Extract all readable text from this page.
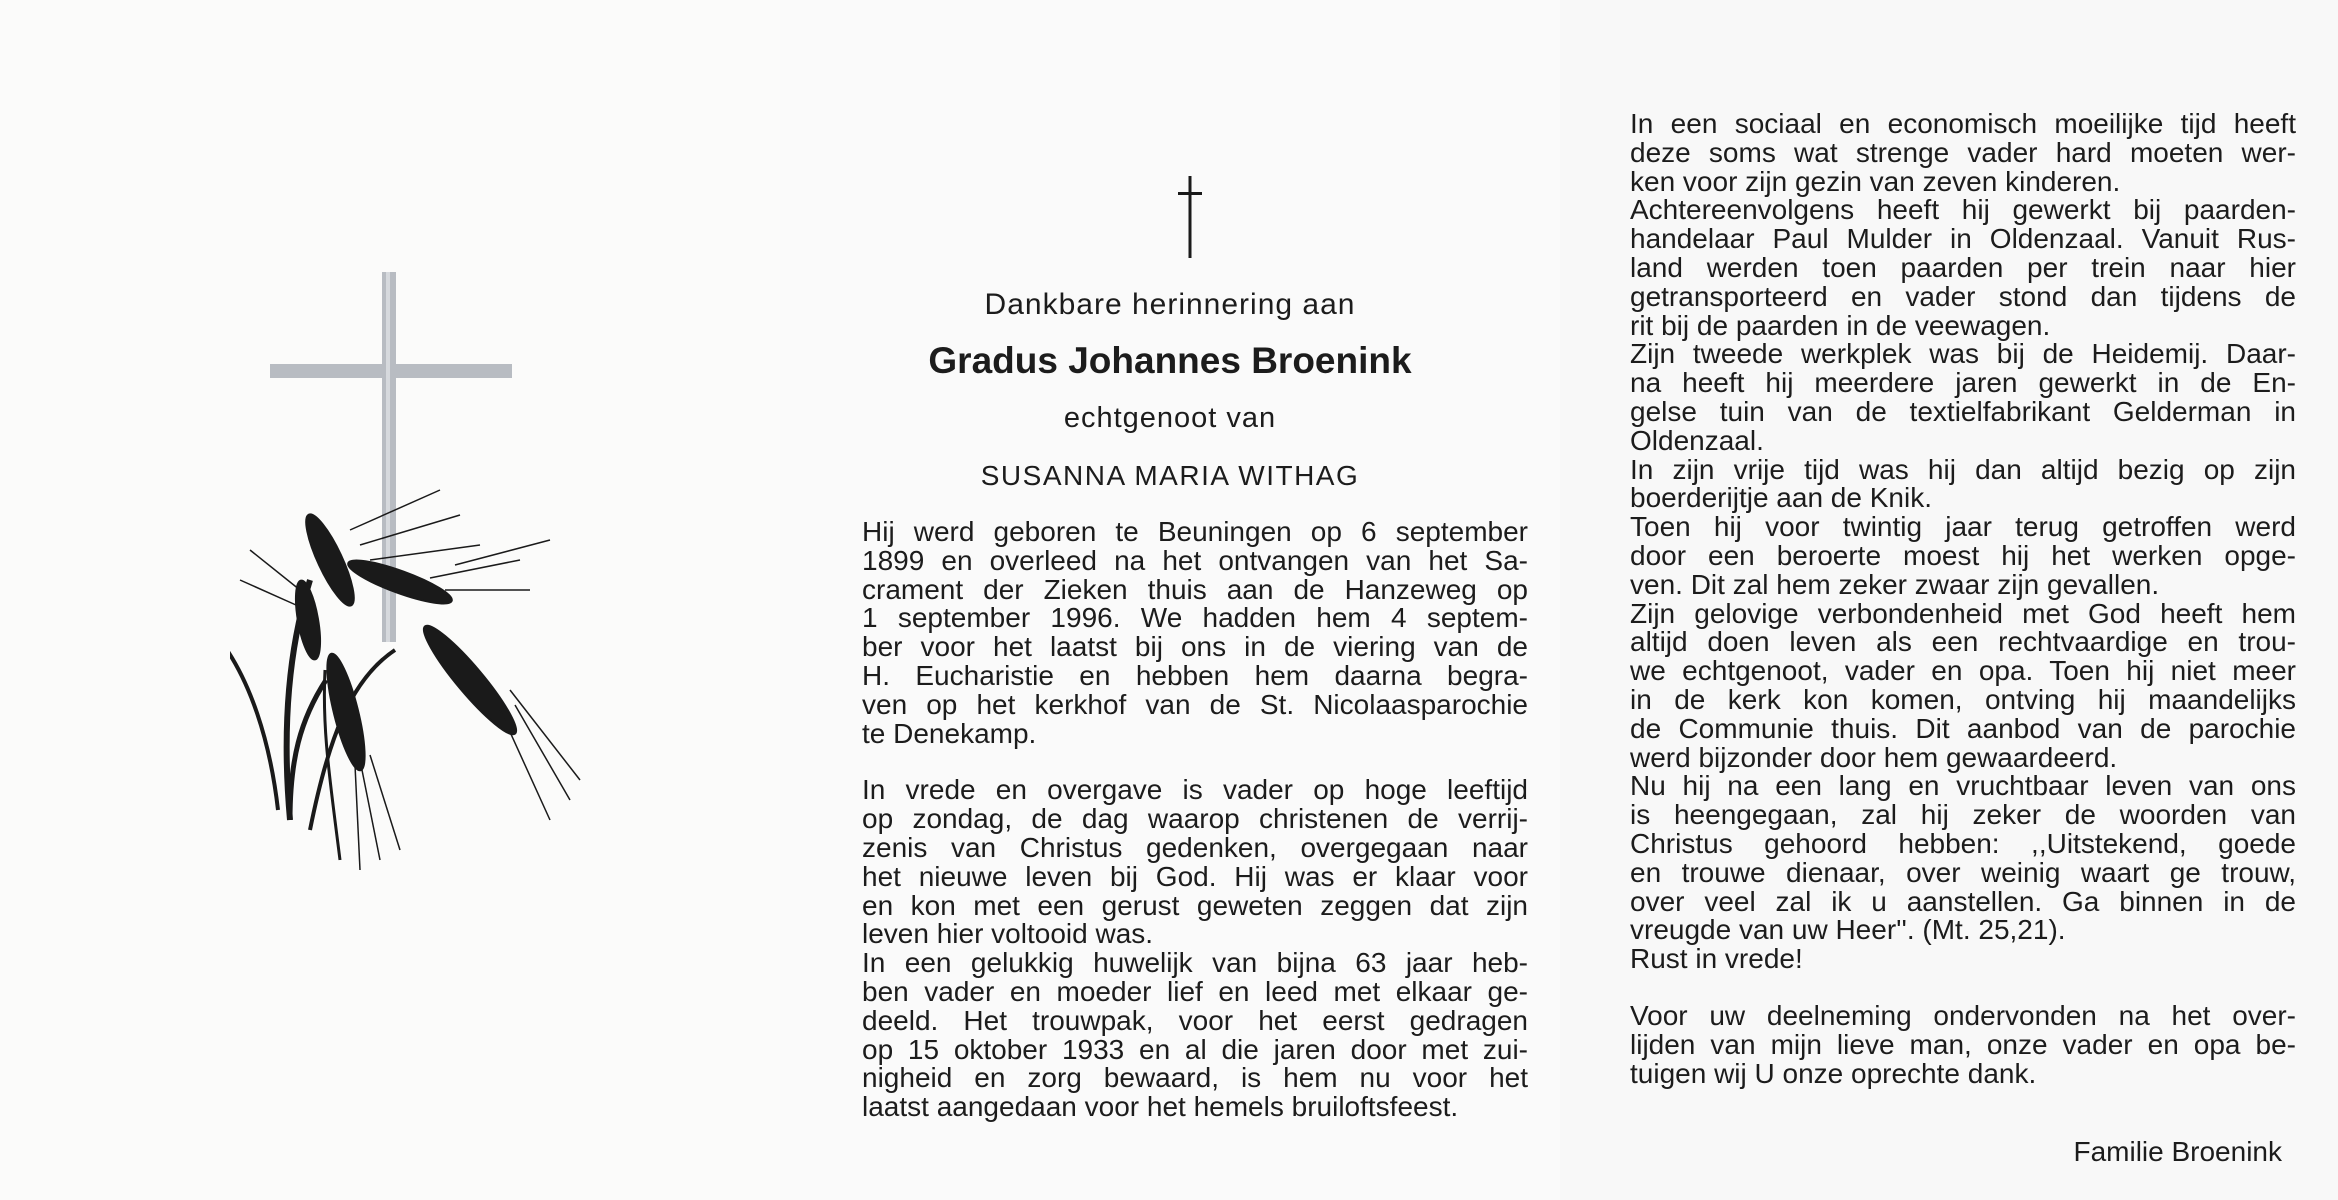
Dankbare herinnering aan
Gradus Johannes Broenink
echtgenoot van
SUSANNA MARIA WITHAG
Hij werd geboren te Beuningen op 6 september
1899 en overleed na het ontvangen van het Sa-
crament der Zieken thuis aan de Hanzeweg op
1 september 1996. We hadden hem 4 septem-
ber voor het laatst bij ons in de viering van de
H. Eucharistie en hebben hem daarna begra-
ven op het kerkhof van de St. Nicolaasparochie
te Denekamp.
In vrede en overgave is vader op hoge leeftijd
op zondag, de dag waarop christenen de verrij-
zenis van Christus gedenken, overgegaan naar
het nieuwe leven bij God. Hij was er klaar voor
en kon met een gerust geweten zeggen dat zijn
leven hier voltooid was.
In een gelukkig huwelijk van bijna 63 jaar heb-
ben vader en moeder lief en leed met elkaar ge-
deeld. Het trouwpak, voor het eerst gedragen
op 15 oktober 1933 en al die jaren door met zui-
nigheid en zorg bewaard, is hem nu voor het
laatst aangedaan voor het hemels bruiloftsfeest.
In een sociaal en economisch moeilijke tijd heeft
deze soms wat strenge vader hard moeten wer-
ken voor zijn gezin van zeven kinderen.
Achtereenvolgens heeft hij gewerkt bij paarden-
handelaar Paul Mulder in Oldenzaal. Vanuit Rus-
land werden toen paarden per trein naar hier
getransporteerd en vader stond dan tijdens de
rit bij de paarden in de veewagen.
Zijn tweede werkplek was bij de Heidemij. Daar-
na heeft hij meerdere jaren gewerkt in de En-
gelse tuin van de textielfabrikant Gelderman in
Oldenzaal.
In zijn vrije tijd was hij dan altijd bezig op zijn
boerderijtje aan de Knik.
Toen hij voor twintig jaar terug getroffen werd
door een beroerte moest hij het werken opge-
ven. Dit zal hem zeker zwaar zijn gevallen.
Zijn gelovige verbondenheid met God heeft hem
altijd doen leven als een rechtvaardige en trou-
we echtgenoot, vader en opa. Toen hij niet meer
in de kerk kon komen, ontving hij maandelijks
de Communie thuis. Dit aanbod van de parochie
werd bijzonder door hem gewaardeerd.
Nu hij na een lang en vruchtbaar leven van ons
is heengegaan, zal hij zeker de woorden van
Christus gehoord hebben: ,,Uitstekend, goede
en trouwe dienaar, over weinig waart ge trouw,
over veel zal ik u aanstellen. Ga binnen in de
vreugde van uw Heer''. (Mt. 25,21).
Rust in vrede!
Voor uw deelneming ondervonden na het over-
lijden van mijn lieve man, onze vader en opa be-
tuigen wij U onze oprechte dank.
Familie Broenink
